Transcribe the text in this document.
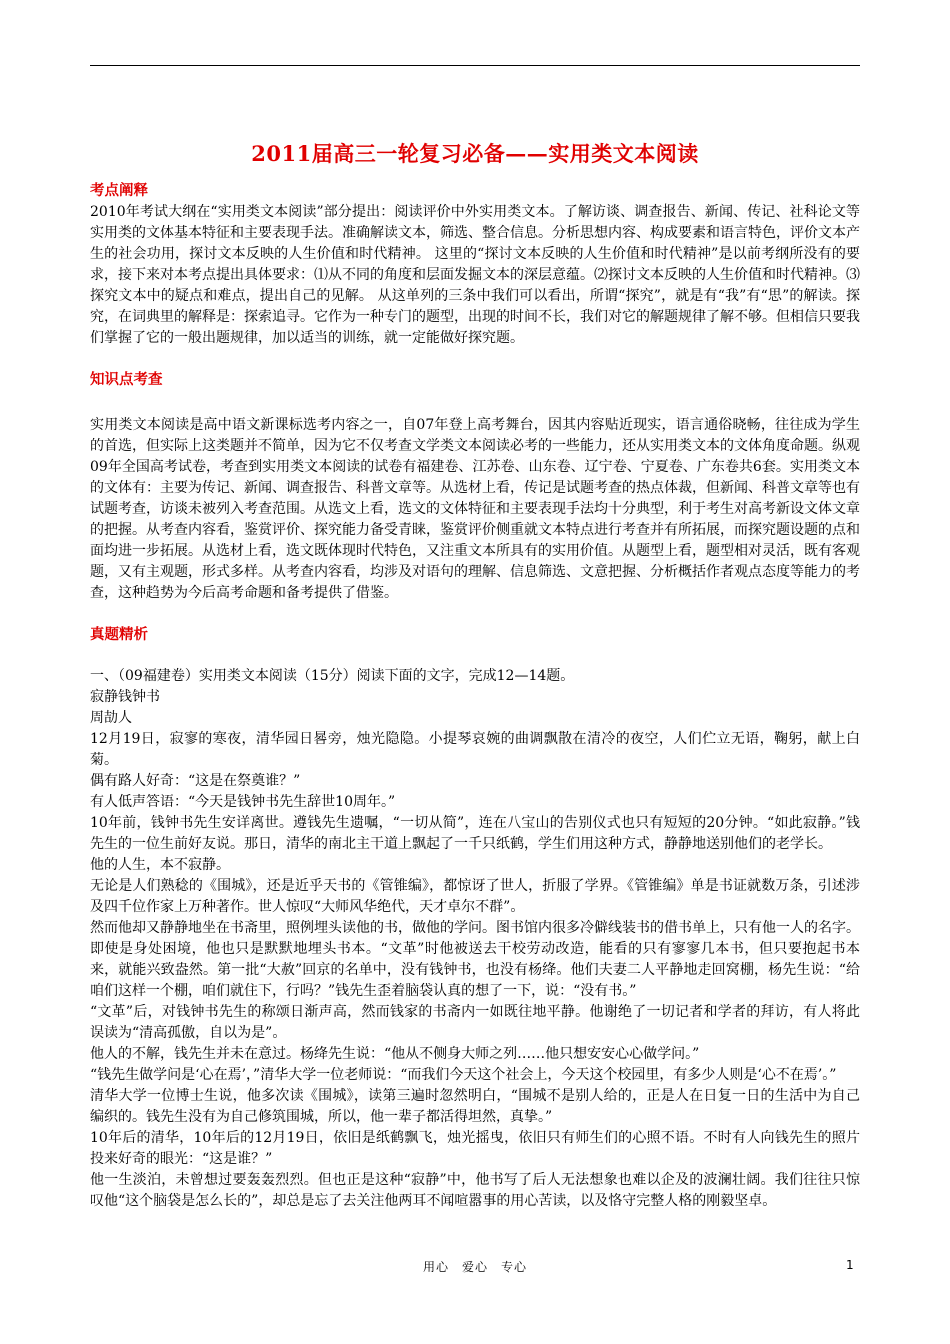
2011届高三一轮复习必备——实用类文本阅读

考点阐释

2010年考试大纲在“实用类文本阅读”部分提出：阅读评价中外实用类文本。了解访谈、调查报告、新闻、传记、社科论文等实用类的文体基本特征和主要表现手法。准确解读文本，筛选、整合信息。分析思想内容、构成要素和语言特色，评价文本产生的社会功用，探讨文本反映的人生价值和时代精神。 这里的“探讨文本反映的人生价值和时代精神”是以前考纲所没有的要求，接下来对本考点提出具体要求：⑴从不同的角度和层面发掘文本的深层意蕴。⑵探讨文本反映的人生价值和时代精神。⑶探究文本中的疑点和难点，提出自己的见解。 从这单列的三条中我们可以看出，所谓“探究”，就是有“我”有“思”的解读。探究，在词典里的解释是：探索追寻。它作为一种专门的题型，出现的时间不长，我们对它的解题规律了解不够。但相信只要我们掌握了它的一般出题规律，加以适当的训练，就一定能做好探究题。

知识点考查

实用类文本阅读是高中语文新课标选考内容之一，自07年登上高考舞台，因其内容贴近现实，语言通俗晓畅，往往成为学生的首选，但实际上这类题并不简单，因为它不仅考查文学类文本阅读必考的一些能力，还从实用类文本的文体角度命题。纵观09年全国高考试卷，考查到实用类文本阅读的试卷有福建卷、江苏卷、山东卷、辽宁卷、宁夏卷、广东卷共6套。实用类文本的文体有：主要为传记、新闻、调查报告、科普文章等。从选材上看，传记是试题考查的热点体裁，但新闻、科普文章等也有试题考查，访谈未被列入考查范围。从选文上看，选文的文体特征和主要表现手法均十分典型，利于考生对高考新设文体文章的把握。从考查内容看，鉴赏评价、探究能力备受青睐，鉴赏评价侧重就文本特点进行考查并有所拓展，而探究题设题的点和面均进一步拓展。从选材上看，选文既体现时代特色，又注重文本所具有的实用价值。从题型上看，题型相对灵活，既有客观题，又有主观题，形式多样。从考查内容看，均涉及对语句的理解、信息筛选、文意把握、分析概括作者观点态度等能力的考查，这种趋势为今后高考命题和备考提供了借鉴。

真题精析

一、（09福建卷）实用类文本阅读（15分）阅读下面的文字，完成12—14题。

寂静钱钟书

周劼人

12月19日，寂寥的寒夜，清华园日晷旁，烛光隐隐。小提琴哀婉的曲调飘散在清冷的夜空，人们伫立无语，鞠躬，献上白菊。

偶有路人好奇：“这是在祭奠谁？”

有人低声答语：“今天是钱钟书先生辞世10周年。”

10年前，钱钟书先生安详离世。遵钱先生遗嘱，“一切从简”，连在八宝山的告别仪式也只有短短的20分钟。“如此寂静。”钱先生的一位生前好友说。那日，清华的南北主干道上飘起了一千只纸鹤，学生们用这种方式，静静地送别他们的老学长。

他的人生，本不寂静。

无论是人们熟稔的《围城》，还是近乎天书的《管锥编》，都惊讶了世人，折服了学界。《管锥编》单是书证就数万条，引述涉及四千位作家上万种著作。世人惊叹“大师风华绝代，天才卓尔不群”。

然而他却又静静地坐在书斋里，照例埋头读他的书，做他的学问。图书馆内很多冷僻线装书的借书单上，只有他一人的名字。即使是身处困境，他也只是默默地埋头书本。“文革”时他被送去干校劳动改造，能看的只有寥寥几本书，但只要抱起书本来，就能兴致盎然。第一批“大赦”回京的名单中，没有钱钟书，也没有杨绛。他们夫妻二人平静地走回窝棚，杨先生说：“给咱们这样一个棚，咱们就住下，行吗？”钱先生歪着脑袋认真的想了一下，说：“没有书。”

“文革”后，对钱钟书先生的称颂日渐声高，然而钱家的书斋内一如既往地平静。他谢绝了一切记者和学者的拜访，有人将此误读为“清高孤傲，自以为是”。

他人的不解，钱先生并未在意过。杨绛先生说：“他从不侧身大师之列……他只想安安心心做学问。”

“钱先生做学问是‘心在焉’，”清华大学一位老师说：“而我们今天这个社会上，今天这个校园里，有多少人则是‘心不在焉’。”

清华大学一位博士生说，他多次读《围城》，读第三遍时忽然明白，“围城不是别人给的，正是人在日复一日的生活中为自己编织的。钱先生没有为自己修筑围城，所以，他一辈子都活得坦然，真挚。”

10年后的清华，10年后的12月19日，依旧是纸鹤飘飞，烛光摇曳，依旧只有师生们的心照不语。不时有人向钱先生的照片投来好奇的眼光：“这是谁？”

他一生淡泊，未曾想过要轰轰烈烈。但也正是这种“寂静”中，他书写了后人无法想象也难以企及的波澜壮阔。我们往往只惊叹他“这个脑袋是怎么长的”，却总是忘了去关注他两耳不闻喧嚣事的用心苦读，以及恪守完整人格的刚毅坚卓。

用心　爱心　专心	1
